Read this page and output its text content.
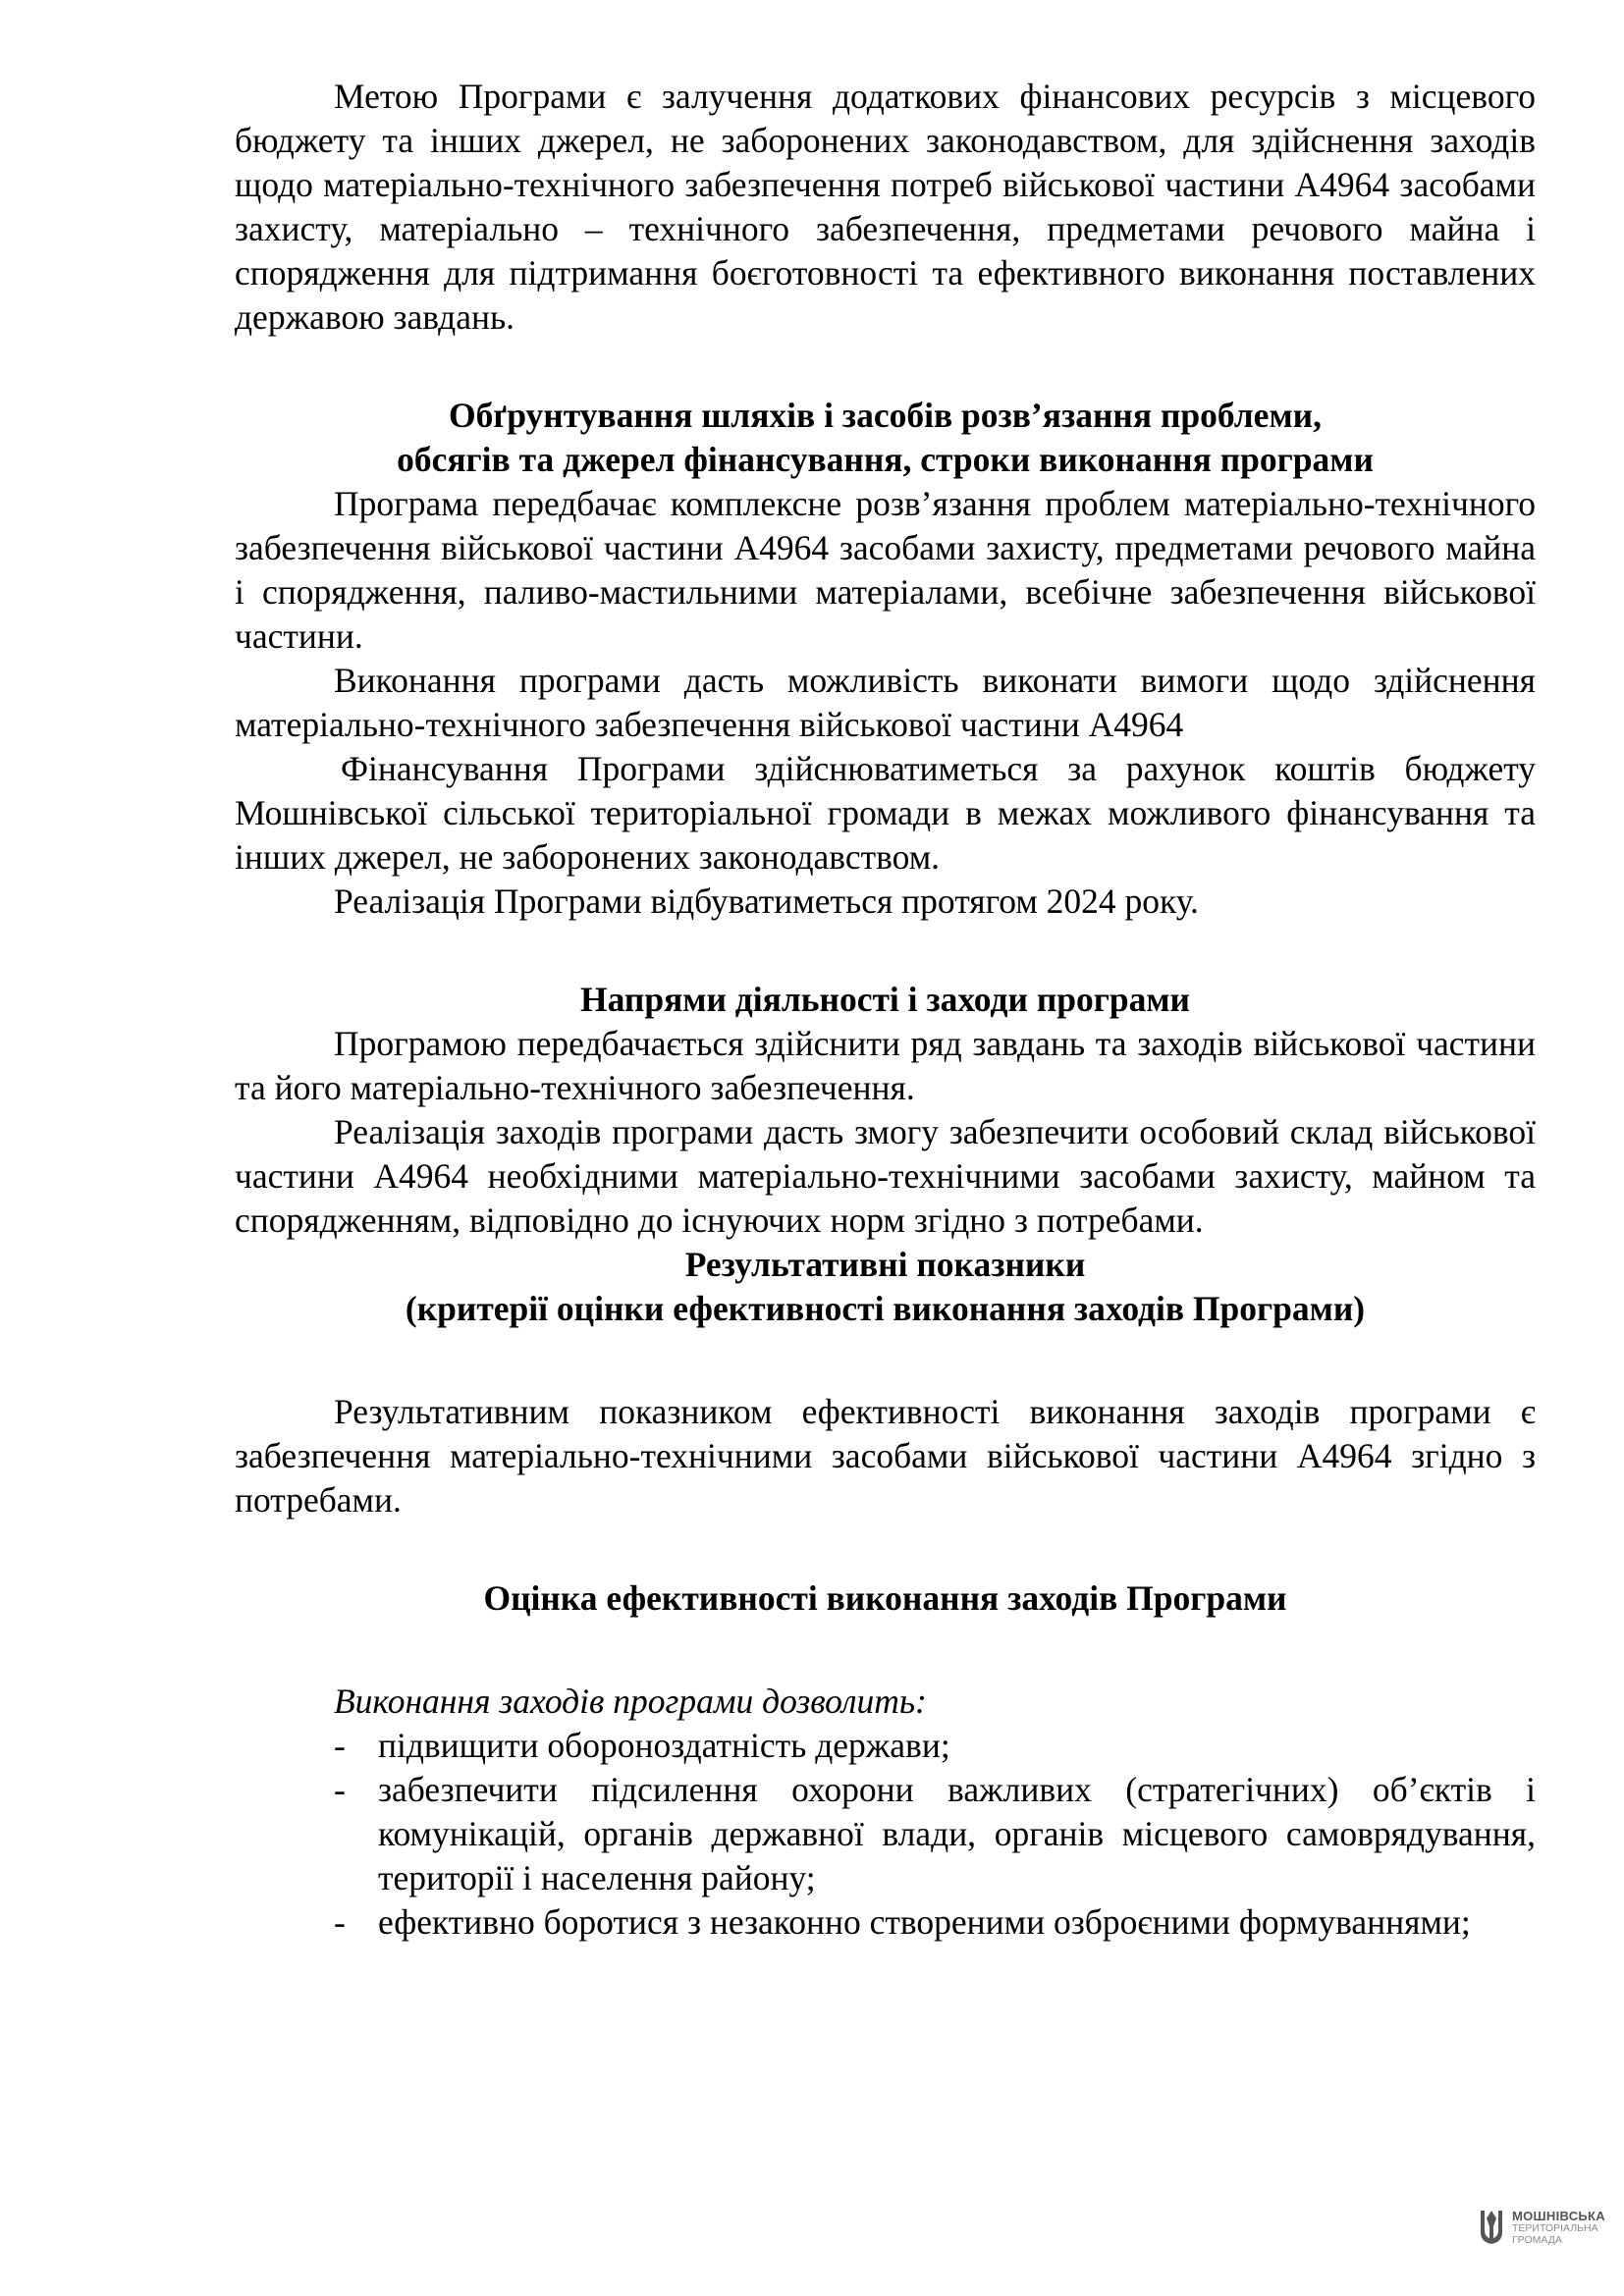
Метою Програми є залучення додаткових фінансових ресурсів з місцевого бюджету та інших джерел, не заборонених законодавством, для здійснення заходів щодо матеріально-технічного забезпечення потреб військової частини А4964 засобами захисту, матеріально – технічного забезпечення, предметами речового майна і спорядження для підтримання боєготовності та ефективного виконання поставлених державою завдань.

Обґрунтування шляхів і засобів розв’язання проблеми,
обсягів та джерел фінансування, строки виконання програми

Програма передбачає комплексне розв’язання проблем матеріально-технічного забезпечення військової частини А4964 засобами захисту, предметами речового майна і спорядження, паливо-мастильними матеріалами, всебічне забезпечення військової частини.

Виконання програми дасть можливість виконати вимоги щодо здійснення матеріально-технічного забезпечення військової частини А4964

Фінансування Програми здійснюватиметься за рахунок коштів бюджету Мошнівської сільської територіальної громади в межах можливого фінансування та інших джерел, не заборонених законодавством.

Реалізація Програми відбуватиметься протягом 2024 року.

Напрями діяльності і заходи програми

Програмою передбачається здійснити ряд завдань та заходів військової частини та його матеріально-технічного забезпечення.

Реалізація заходів програми дасть змогу забезпечити особовий склад військової частини А4964 необхідними матеріально-технічними засобами захисту, майном та спорядженням, відповідно до існуючих норм згідно з потребами.

Результативні показники
(критерії оцінки ефективності виконання заходів Програми)

Результативним показником ефективності виконання заходів програми є забезпечення матеріально-технічними засобами військової частини А4964 згідно з потребами.

Оцінка ефективності виконання заходів Програми

Виконання заходів програми дозволить:

- підвищити обороноздатність держави;
- забезпечити підсилення охорони важливих (стратегічних) об’єктів і комунікацій, органів державної влади, органів місцевого самоврядування, території і населення району;
- ефективно боротися з незаконно створеними озброєними формуваннями;
МОШНІВСЬКА
ТЕРИТОРІАЛЬНА
ГРОМАДА
